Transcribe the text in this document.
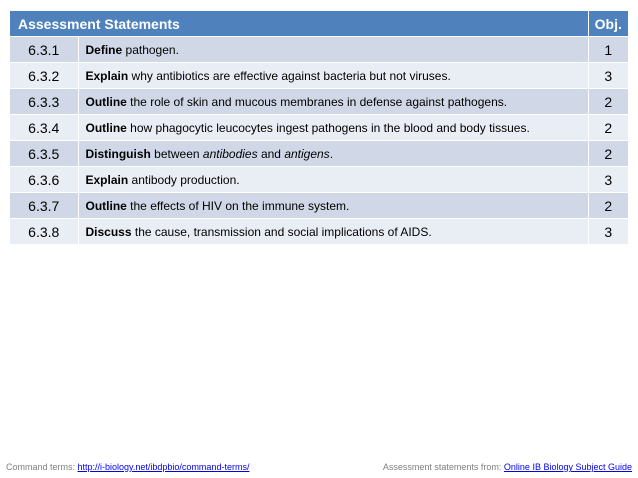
Assessment Statements		Obj.
6.3.1	Define pathogen.	1
6.3.2	Explain why antibiotics are effective against bacteria but not viruses.	3
6.3.3	Outline the role of skin and mucous membranes in defense against pathogens.	2
6.3.4	Outline how phagocytic leucocytes ingest pathogens in the blood and body tissues.	2
6.3.5	Distinguish between antibodies and antigens.	2
6.3.6	Explain antibody production.	3
6.3.7	Outline the effects of HIV on the immune system.	2
6.3.8	Discuss the cause, transmission and social implications of AIDS.	3
Command terms: http://i-biology.net/ibdpbio/command-terms/	Assessment statements from: Online IB Biology Subject Guide
